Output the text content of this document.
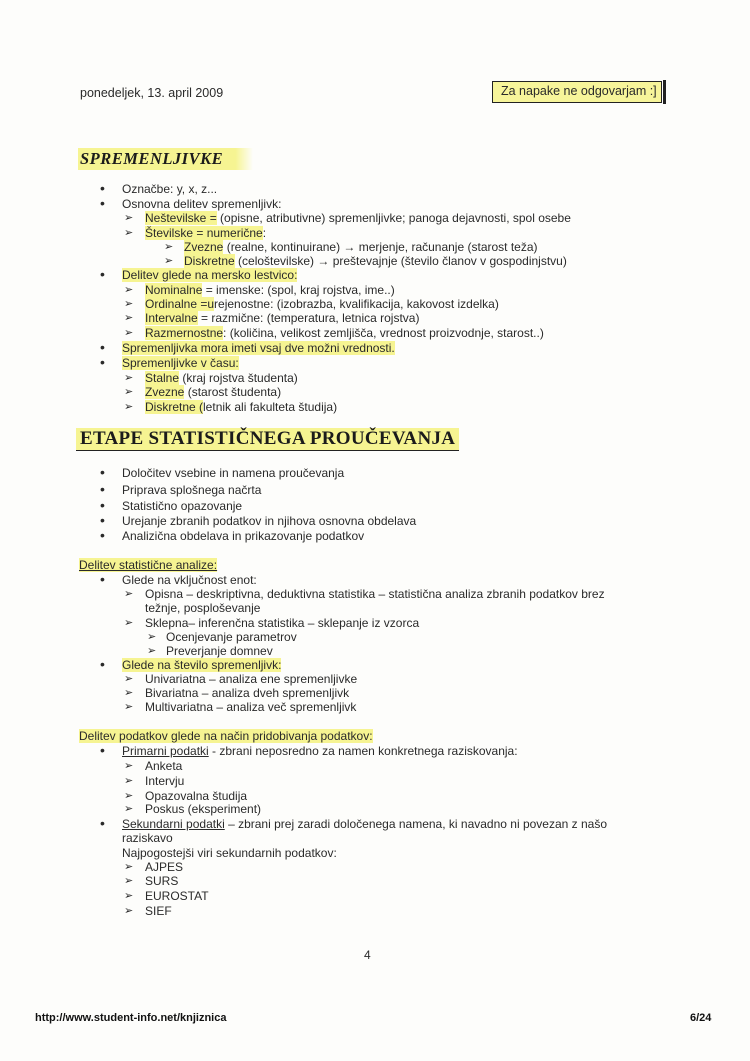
ponedeljek, 13. april 2009	Za napake ne odgovarjam :]
SPREMENLJIVKE
• Označbe: y, x, z...
• Osnovna delitev spremenljivk:
➢ Neštevilske = (opisne, atributivne) spremenljivke; panoga dejavnosti, spol osebe
➢ Številske = numerične:
➢ Zvezne (realne, kontinuirane) → merjenje, računanje (starost teža)
➢ Diskretne (celoštevilske) → preštevajnje (število članov v gospodinjstvu)
• Delitev glede na mersko lestvico:
➢ Nominalne = imenske: (spol, kraj rojstva, ime..)
➢ Ordinalne =urejenostne: (izobrazba, kvalifikacija, kakovost izdelka)
➢ Intervalne = razmične: (temperatura, letnica rojstva)
➢ Razmernostne: (količina, velikost zemljišča, vrednost proizvodnje, starost..)
• Spremenljivka mora imeti vsaj dve možni vrednosti.
• Spremenljivke v času:
➢ Stalne (kraj rojstva študenta)
➢ Zvezne (starost študenta)
➢ Diskretne (letnik ali fakulteta študija)
ETAPE STATISTIČNEGA PROUČEVANJA
• Določitev vsebine in namena proučevanja
• Priprava splošnega načrta
• Statistično opazovanje
• Urejanje zbranih podatkov in njihova osnovna obdelava
• Analizična obdelava in prikazovanje podatkov
Delitev statistične analize:
• Glede na vključnost enot:
➢ Opisna – deskriptivna, deduktivna statistika – statistična analiza zbranih podatkov brez
težnje, posploševanje
➢ Sklepna– inferenčna statistika – sklepanje iz vzorca
➢ Ocenjevanje parametrov
➢ Preverjanje domnev
• Glede na število spremenljivk:
➢ Univariatna – analiza ene spremenljivke
➢ Bivariatna – analiza dveh spremenljivk
➢ Multivariatna – analiza več spremenljivk
Delitev podatkov glede na način pridobivanja podatkov:
• Primarni podatki - zbrani neposredno za namen konkretnega raziskovanja:
➢ Anketa
➢ Intervju
➢ Opazovalna študija
➢ Poskus (eksperiment)
• Sekundarni podatki – zbrani prej zaradi določenega namena, ki navadno ni povezan z našo
raziskavo
Najpogostejši viri sekundarnih podatkov:
➢ AJPES
➢ SURS
➢ EUROSTAT
➢ SIEF
4
http://www.student-info.net/knjiznica	6/24
